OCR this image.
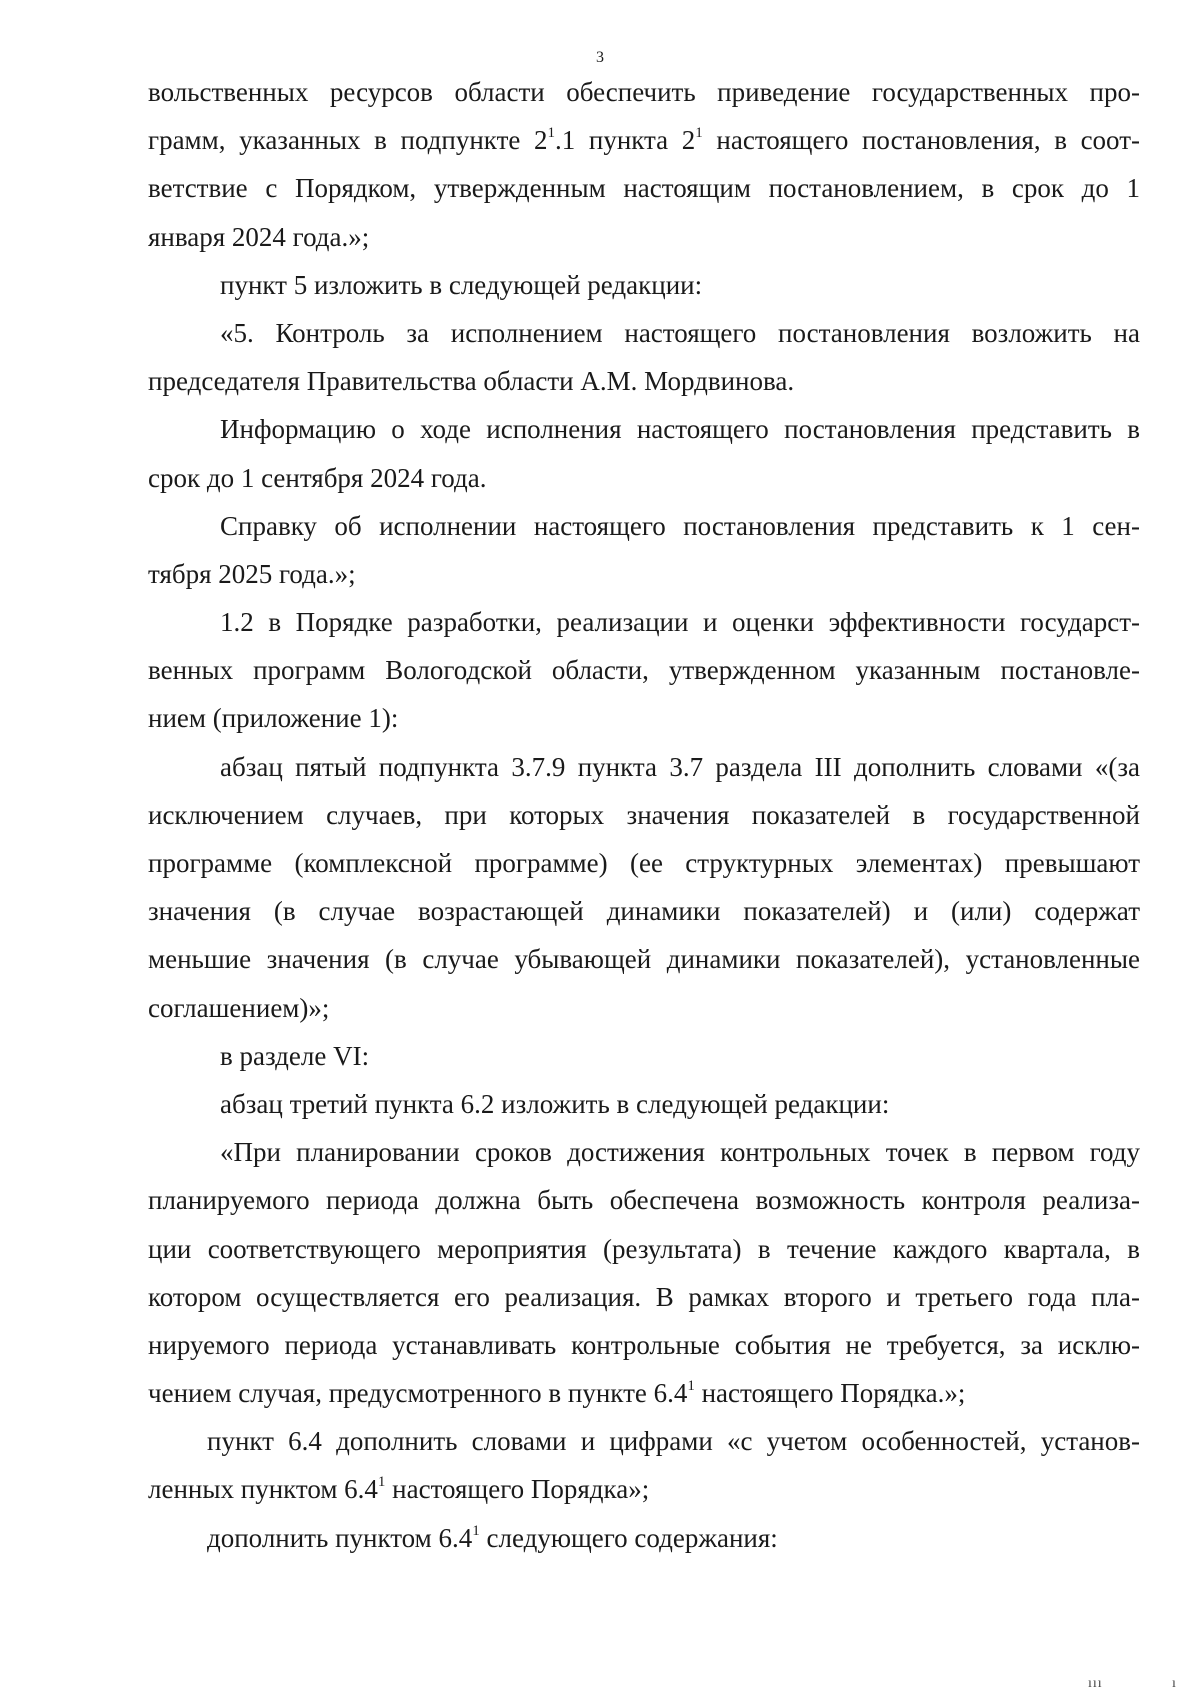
3
вольственных ресурсов области обеспечить приведение государственных про-
грамм, указанных в подпункте $2^1.1$ пункта $2^1$ настоящего постановления, в соот-
ветствие с Порядком, утвержденным настоящим постановлением, в срок до 1
января 2024 года.»;
пункт 5 изложить в следующей редакции:
«5. Контроль за исполнением настоящего постановления возложить на
председателя Правительства области А.М. Мордвинова.
Информацию о ходе исполнения настоящего постановления представить в
срок до 1 сентября 2024 года.
Справку об исполнении настоящего постановления представить к 1 сен-
тября 2025 года.»;
1.2 в Порядке разработки, реализации и оценки эффективности государст-
венных программ Вологодской области, утвержденном указанным постановле-
нием (приложение 1):
абзац пятый подпункта 3.7.9 пункта 3.7 раздела III дополнить словами «(за
исключением случаев, при которых значения показателей в государственной
программе (комплексной программе) (ее структурных элементах) превышают
значения (в случае возрастающей динамики показателей) и (или) содержат
меньшие значения (в случае убывающей динамики показателей), установленные
соглашением)»;
в разделе VI:
абзац третий пункта 6.2 изложить в следующей редакции:
«При планировании сроков достижения контрольных точек в первом году
планируемого периода должна быть обеспечена возможность контроля реализа-
ции соответствующего мероприятия (результата) в течение каждого квартала, в
котором осуществляется его реализация. В рамках второго и третьего года пла-
нируемого периода устанавливать контрольные события не требуется, за исклю-
чением случая, предусмотренного в пункте $6.4^1$ настоящего Порядка.»;
пункт 6.4 дополнить словами и цифрами «с учетом особенностей, установ-
ленных пунктом $6.4^1$ настоящего Порядка»;
дополнить пунктом $6.4^1$ следующего содержания:
ııı	ı
